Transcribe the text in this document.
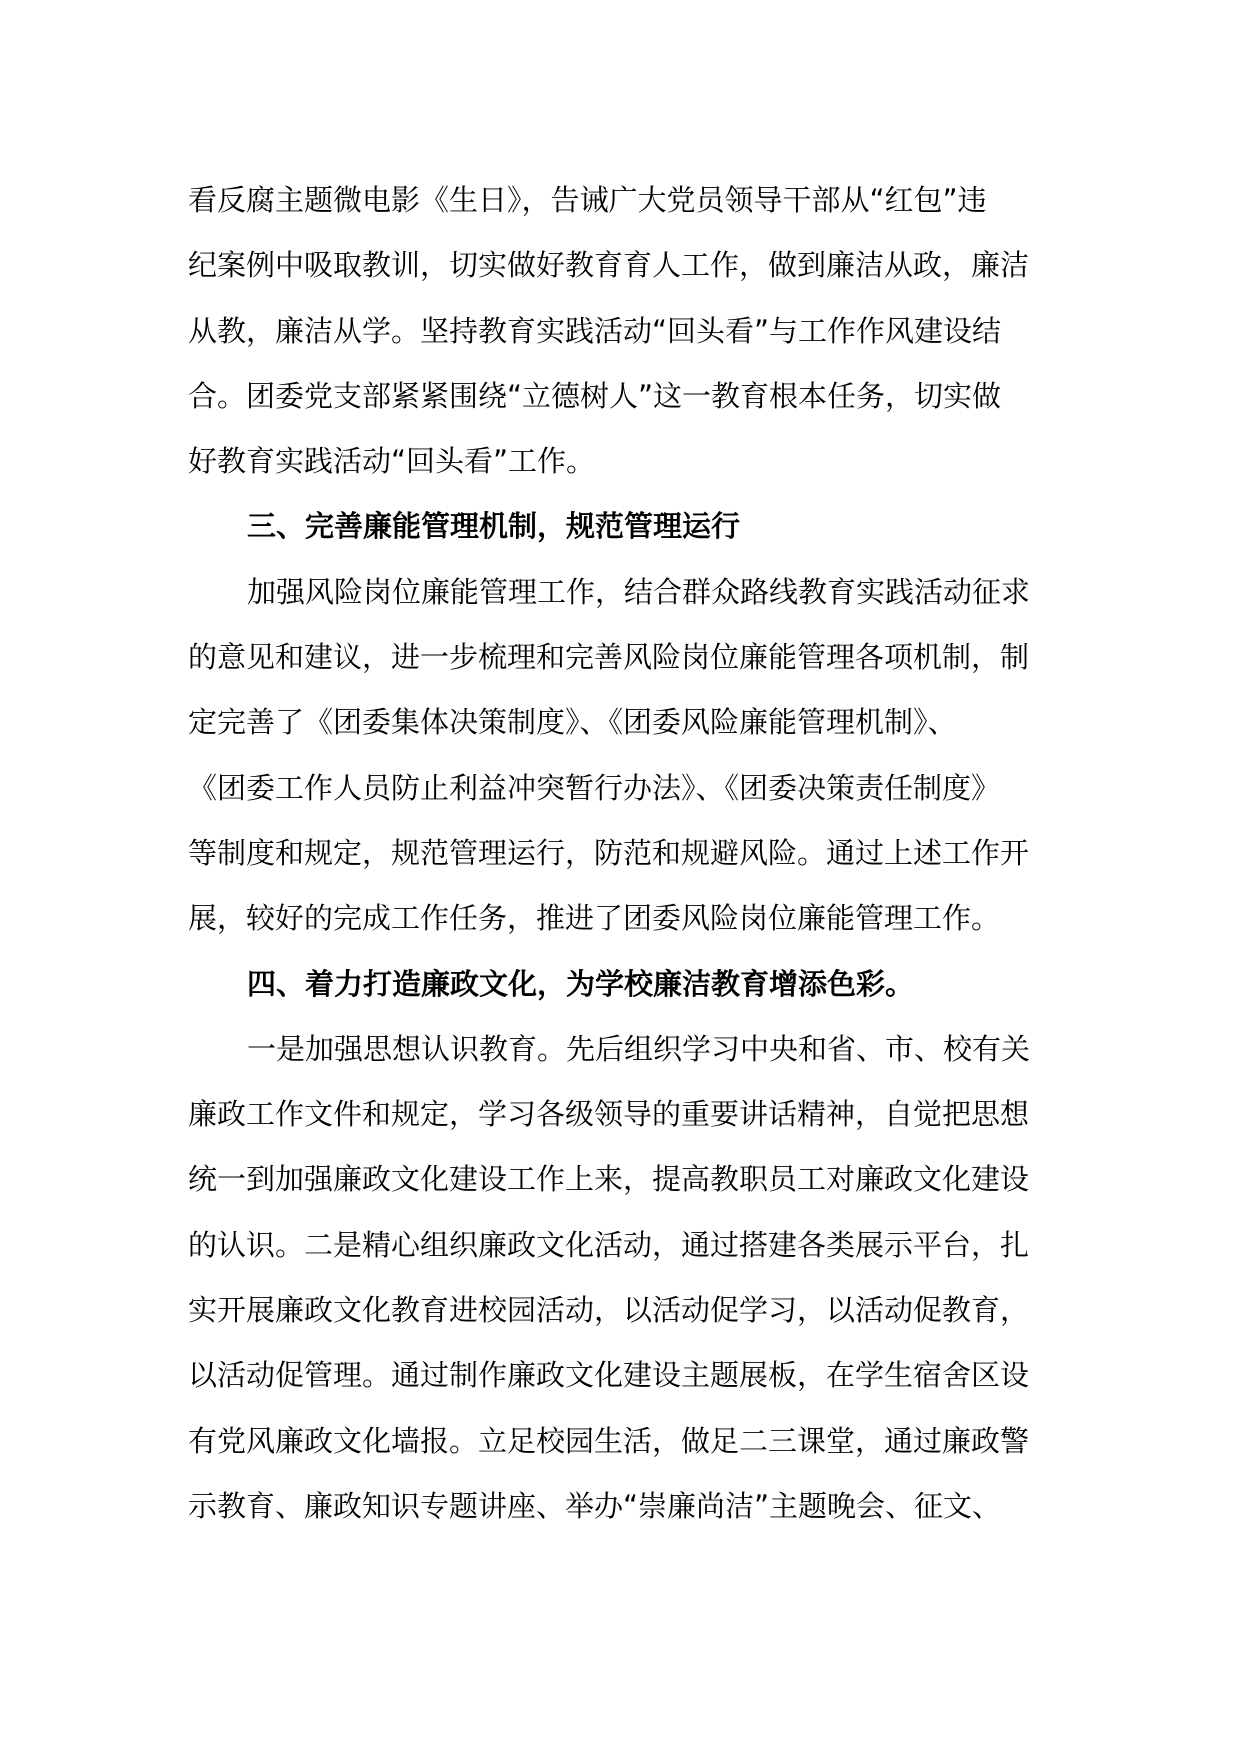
看反腐主题微电影《生日》，告诫广大党员领导干部从“红包”违
纪案例中吸取教训，切实做好教育育人工作，做到廉洁从政，廉洁
从教，廉洁从学。坚持教育实践活动“回头看”与工作作风建设结
合。团委党支部紧紧围绕“立德树人”这一教育根本任务，切实做
好教育实践活动“回头看”工作。
三、完善廉能管理机制，规范管理运行
加强风险岗位廉能管理工作，结合群众路线教育实践活动征求
的意见和建议，进一步梳理和完善风险岗位廉能管理各项机制，制
定完善了《团委集体决策制度》、《团委风险廉能管理机制》、
《团委工作人员防止利益冲突暂行办法》、《团委决策责任制度》
等制度和规定，规范管理运行，防范和规避风险。通过上述工作开
展，较好的完成工作任务，推进了团委风险岗位廉能管理工作。
四、着力打造廉政文化，为学校廉洁教育增添色彩。
一是加强思想认识教育。先后组织学习中央和省、市、校有关
廉政工作文件和规定，学习各级领导的重要讲话精神，自觉把思想
统一到加强廉政文化建设工作上来，提高教职员工对廉政文化建设
的认识。二是精心组织廉政文化活动，通过搭建各类展示平台，扎
实开展廉政文化教育进校园活动，以活动促学习，以活动促教育，
以活动促管理。通过制作廉政文化建设主题展板，在学生宿舍区设
有党风廉政文化墙报。立足校园生活，做足二三课堂，通过廉政警
示教育、廉政知识专题讲座、举办“崇廉尚洁”主题晚会、征文、
